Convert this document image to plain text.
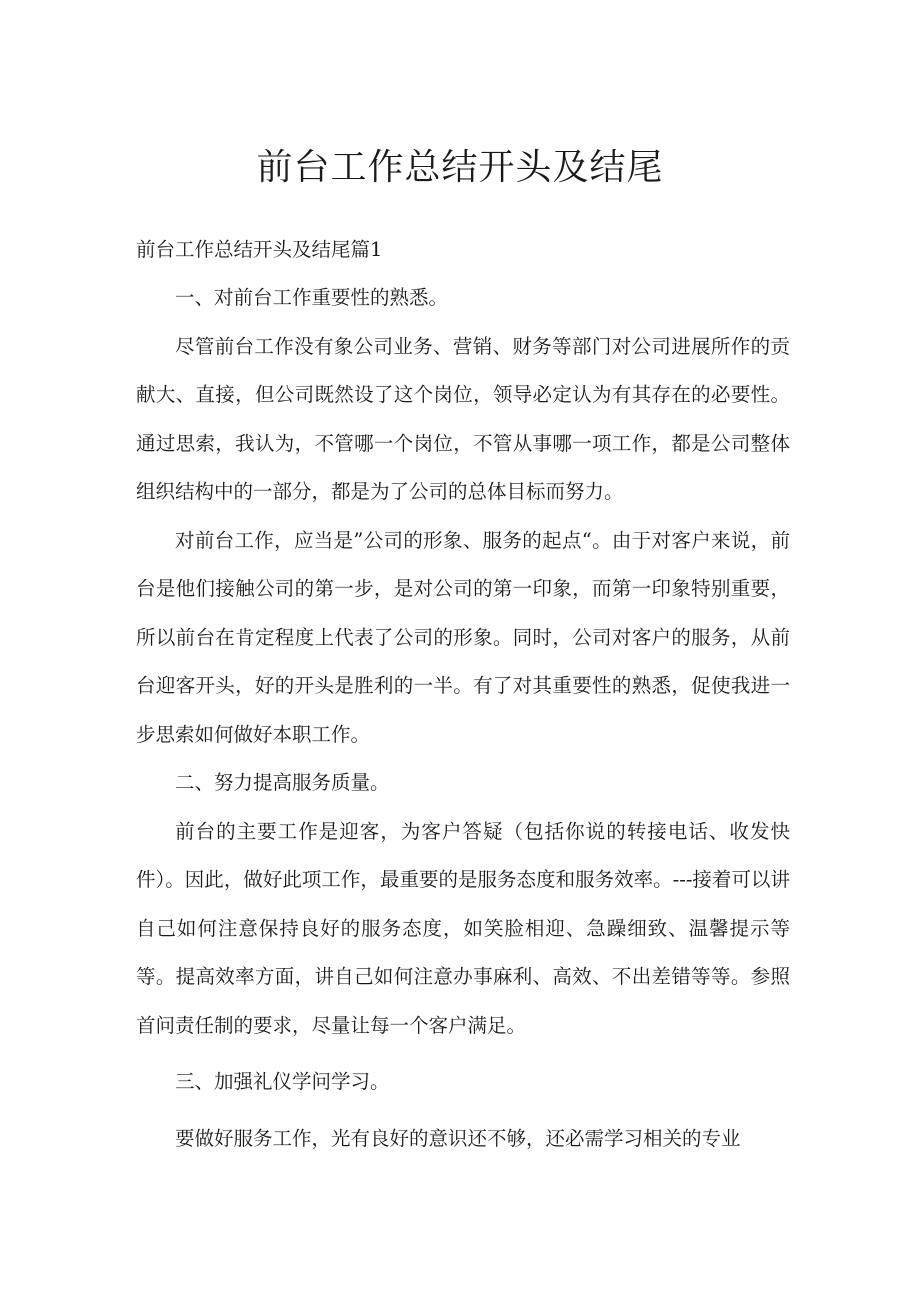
前台工作总结开头及结尾
前台工作总结开头及结尾篇1

一、对前台工作重要性的熟悉。

尽管前台工作没有象公司业务、营销、财务等部门对公司进展所作的贡献大、直接，但公司既然设了这个岗位，领导必定认为有其存在的必要性。通过思索，我认为，不管哪一个岗位，不管从事哪一项工作，都是公司整体组织结构中的一部分，都是为了公司的总体目标而努力。

对前台工作，应当是”公司的形象、服务的起点“。由于对客户来说，前台是他们接触公司的第一步，是对公司的第一印象，而第一印象特别重要，所以前台在肯定程度上代表了公司的形象。同时，公司对客户的服务，从前台迎客开头，好的开头是胜利的一半。有了对其重要性的熟悉，促使我进一步思索如何做好本职工作。

二、努力提高服务质量。

前台的主要工作是迎客，为客户答疑（包括你说的转接电话、收发快件）。因此，做好此项工作，最重要的是服务态度和服务效率。---接着可以讲自己如何注意保持良好的服务态度，如笑脸相迎、急躁细致、温馨提示等等。提高效率方面，讲自己如何注意办事麻利、高效、不出差错等等。参照首问责任制的要求，尽量让每一个客户满足。

三、加强礼仪学问学习。

要做好服务工作，光有良好的意识还不够，还必需学习相关的专业
